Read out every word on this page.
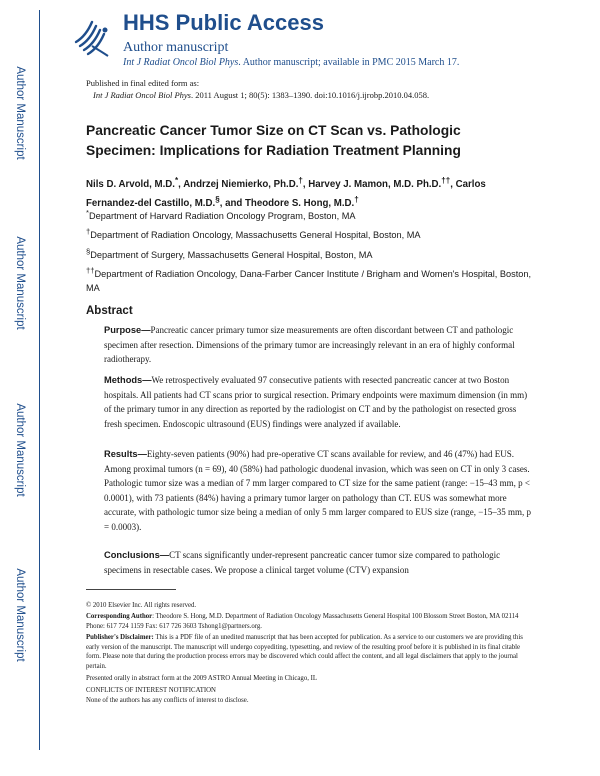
Author Manuscript
Author Manuscript
Author Manuscript
Author Manuscript
HHS Public Access
Author manuscript
Int J Radiat Oncol Biol Phys. Author manuscript; available in PMC 2015 March 17.
Published in final edited form as:
Int J Radiat Oncol Biol Phys. 2011 August 1; 80(5): 1383–1390. doi:10.1016/j.ijrobp.2010.04.058.
Pancreatic Cancer Tumor Size on CT Scan vs. Pathologic Specimen: Implications for Radiation Treatment Planning
Nils D. Arvold, M.D.*, Andrzej Niemierko, Ph.D.†, Harvey J. Mamon, M.D. Ph.D.††, Carlos Fernandez-del Castillo, M.D.§, and Theodore S. Hong, M.D.†
*Department of Harvard Radiation Oncology Program, Boston, MA
†Department of Radiation Oncology, Massachusetts General Hospital, Boston, MA
§Department of Surgery, Massachusetts General Hospital, Boston, MA
††Department of Radiation Oncology, Dana-Farber Cancer Institute / Brigham and Women's Hospital, Boston, MA
Abstract
Purpose—Pancreatic cancer primary tumor size measurements are often discordant between CT and pathologic specimen after resection. Dimensions of the primary tumor are increasingly relevant in an era of highly conformal radiotherapy.
Methods—We retrospectively evaluated 97 consecutive patients with resected pancreatic cancer at two Boston hospitals. All patients had CT scans prior to surgical resection. Primary endpoints were maximum dimension (in mm) of the primary tumor in any direction as reported by the radiologist on CT and by the pathologist on resected gross fresh specimen. Endoscopic ultrasound (EUS) findings were analyzed if available.
Results—Eighty-seven patients (90%) had pre-operative CT scans available for review, and 46 (47%) had EUS. Among proximal tumors (n = 69), 40 (58%) had pathologic duodenal invasion, which was seen on CT in only 3 cases. Pathologic tumor size was a median of 7 mm larger compared to CT size for the same patient (range: −15–43 mm, p < 0.0001), with 73 patients (84%) having a primary tumor larger on pathology than CT. EUS was somewhat more accurate, with pathologic tumor size being a median of only 5 mm larger compared to EUS size (range, −15–35 mm, p = 0.0003).
Conclusions—CT scans significantly under-represent pancreatic cancer tumor size compared to pathologic specimens in resectable cases. We propose a clinical target volume (CTV) expansion
© 2010 Elsevier Inc. All rights reserved.
Corresponding Author: Theodore S. Hong, M.D. Department of Radiation Oncology Massachusetts General Hospital 100 Blossom Street Boston, MA 02114 Phone: 617 724 1159 Fax: 617 726 3603 Tshong1@partners.org.
Publisher's Disclaimer: This is a PDF file of an unedited manuscript that has been accepted for publication. As a service to our customers we are providing this early version of the manuscript. The manuscript will undergo copyediting, typesetting, and review of the resulting proof before it is published in its final citable form. Please note that during the production process errors may be discovered which could affect the content, and all legal disclaimers that apply to the journal pertain.
Presented orally in abstract form at the 2009 ASTRO Annual Meeting in Chicago, IL
CONFLICTS OF INTEREST NOTIFICATION
None of the authors has any conflicts of interest to disclose.
